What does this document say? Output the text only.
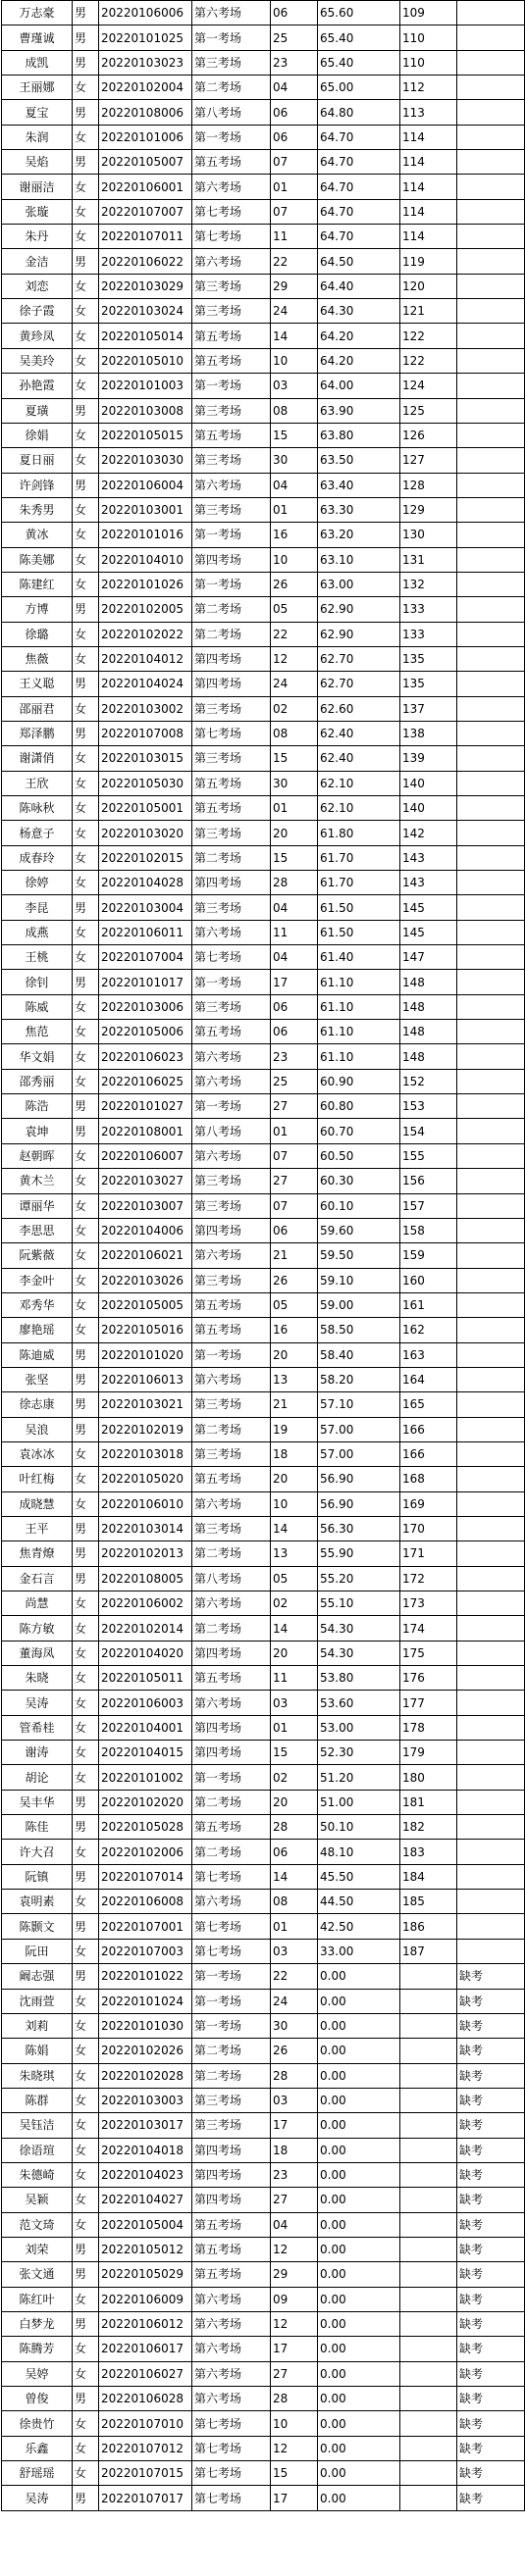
万志豪	男	20220106006	第六考场	06	65.60	109	
曹瑾诚	男	20220101025	第一考场	25	65.40	110	
成凯	男	20220103023	第三考场	23	65.40	110	
王丽娜	女	20220102004	第二考场	04	65.00	112	
夏宝	男	20220108006	第八考场	06	64.80	113	
朱润	女	20220101006	第一考场	06	64.70	114	
吴焰	男	20220105007	第五考场	07	64.70	114	
谢丽洁	女	20220106001	第六考场	01	64.70	114	
张璇	女	20220107007	第七考场	07	64.70	114	
朱丹	女	20220107011	第七考场	11	64.70	114	
金洁	男	20220106022	第六考场	22	64.50	119	
刘恋	女	20220103029	第三考场	29	64.40	120	
徐子霞	女	20220103024	第三考场	24	64.30	121	
黄珍凤	女	20220105014	第五考场	14	64.20	122	
吴美玲	女	20220105010	第五考场	10	64.20	122	
孙艳霞	女	20220101003	第一考场	03	64.00	124	
夏璜	男	20220103008	第三考场	08	63.90	125	
徐娟	女	20220105015	第五考场	15	63.80	126	
夏日丽	女	20220103030	第三考场	30	63.50	127	
许剑锋	男	20220106004	第六考场	04	63.40	128	
朱秀男	女	20220103001	第三考场	01	63.30	129	
黄冰	女	20220101016	第一考场	16	63.20	130	
陈美娜	女	20220104010	第四考场	10	63.10	131	
陈建红	女	20220101026	第一考场	26	63.00	132	
方博	男	20220102005	第二考场	05	62.90	133	
徐璐	女	20220102022	第二考场	22	62.90	133	
焦薇	女	20220104012	第四考场	12	62.70	135	
王义聪	男	20220104024	第四考场	24	62.70	135	
邵丽君	女	20220103002	第三考场	02	62.60	137	
郑泽鹏	男	20220107008	第七考场	08	62.40	138	
谢潇俏	女	20220103015	第三考场	15	62.40	139	
王欣	女	20220105030	第五考场	30	62.10	140	
陈咏秋	女	20220105001	第五考场	01	62.10	140	
杨意子	女	20220103020	第三考场	20	61.80	142	
成春玲	女	20220102015	第二考场	15	61.70	143	
徐婷	女	20220104028	第四考场	28	61.70	143	
李昆	男	20220103004	第三考场	04	61.50	145	
成燕	女	20220106011	第六考场	11	61.50	145	
王桃	女	20220107004	第七考场	04	61.40	147	
徐钊	男	20220101017	第一考场	17	61.10	148	
陈威	女	20220103006	第三考场	06	61.10	148	
焦范	女	20220105006	第五考场	06	61.10	148	
华文娟	女	20220106023	第六考场	23	61.10	148	
邵秀丽	女	20220106025	第六考场	25	60.90	152	
陈浩	男	20220101027	第一考场	27	60.80	153	
袁坤	男	20220108001	第八考场	01	60.70	154	
赵朝晖	女	20220106007	第六考场	07	60.50	155	
黄木兰	女	20220103027	第三考场	27	60.30	156	
谭丽华	女	20220103007	第三考场	07	60.10	157	
李思思	女	20220104006	第四考场	06	59.60	158	
阮紫薇	女	20220106021	第六考场	21	59.50	159	
李金叶	女	20220103026	第三考场	26	59.10	160	
邓秀华	女	20220105005	第五考场	05	59.00	161	
廖艳瑶	女	20220105016	第五考场	16	58.50	162	
陈迪威	男	20220101020	第一考场	20	58.40	163	
张坚	男	20220106013	第六考场	13	58.20	164	
徐志康	男	20220103021	第三考场	21	57.10	165	
吴浪	男	20220102019	第二考场	19	57.00	166	
袁冰冰	女	20220103018	第三考场	18	57.00	166	
叶红梅	女	20220105020	第五考场	20	56.90	168	
成晓慧	女	20220106010	第六考场	10	56.90	169	
王平	男	20220103014	第三考场	14	56.30	170	
焦青燎	男	20220102013	第二考场	13	55.90	171	
金石言	男	20220108005	第八考场	05	55.20	172	
尚慧	女	20220106002	第六考场	02	55.10	173	
陈方敏	女	20220102014	第二考场	14	54.30	174	
董海凤	女	20220104020	第四考场	20	54.30	175	
朱晓	女	20220105011	第五考场	11	53.80	176	
吴涛	女	20220106003	第六考场	03	53.60	177	
管希桂	女	20220104001	第四考场	01	53.00	178	
谢涛	女	20220104015	第四考场	15	52.30	179	
胡论	女	20220101002	第一考场	02	51.20	180	
吴丰华	男	20220102020	第二考场	20	51.00	181	
陈佳	男	20220105028	第五考场	28	50.10	182	
许大召	女	20220102006	第二考场	06	48.10	183	
阮镇	男	20220107014	第七考场	14	45.50	184	
袁明素	女	20220106008	第六考场	08	44.50	185	
陈颢文	男	20220107001	第七考场	01	42.50	186	
阮田	女	20220107003	第七考场	03	33.00	187	
阚志强	男	20220101022	第一考场	22	0.00		缺考
沈雨萱	女	20220101024	第一考场	24	0.00		缺考
刘莉	女	20220101030	第一考场	30	0.00		缺考
陈娟	女	20220102026	第二考场	26	0.00		缺考
朱晓琪	女	20220102028	第二考场	28	0.00		缺考
陈群	女	20220103003	第三考场	03	0.00		缺考
吴钰洁	女	20220103017	第三考场	17	0.00		缺考
徐语瑄	女	20220104018	第四考场	18	0.00		缺考
朱德崎	女	20220104023	第四考场	23	0.00		缺考
吴颖	女	20220104027	第四考场	27	0.00		缺考
范文琦	女	20220105004	第五考场	04	0.00		缺考
刘荣	男	20220105012	第五考场	12	0.00		缺考
张文通	男	20220105029	第五考场	29	0.00		缺考
陈红叶	女	20220106009	第六考场	09	0.00		缺考
白梦龙	男	20220106012	第六考场	12	0.00		缺考
陈腾芳	女	20220106017	第六考场	17	0.00		缺考
吴婷	女	20220106027	第六考场	27	0.00		缺考
曾俊	男	20220106028	第六考场	28	0.00		缺考
徐贵竹	女	20220107010	第七考场	10	0.00		缺考
乐鑫	女	20220107012	第七考场	12	0.00		缺考
舒瑶瑶	女	20220107015	第七考场	15	0.00		缺考
吴涛	男	20220107017	第七考场	17	0.00		缺考
